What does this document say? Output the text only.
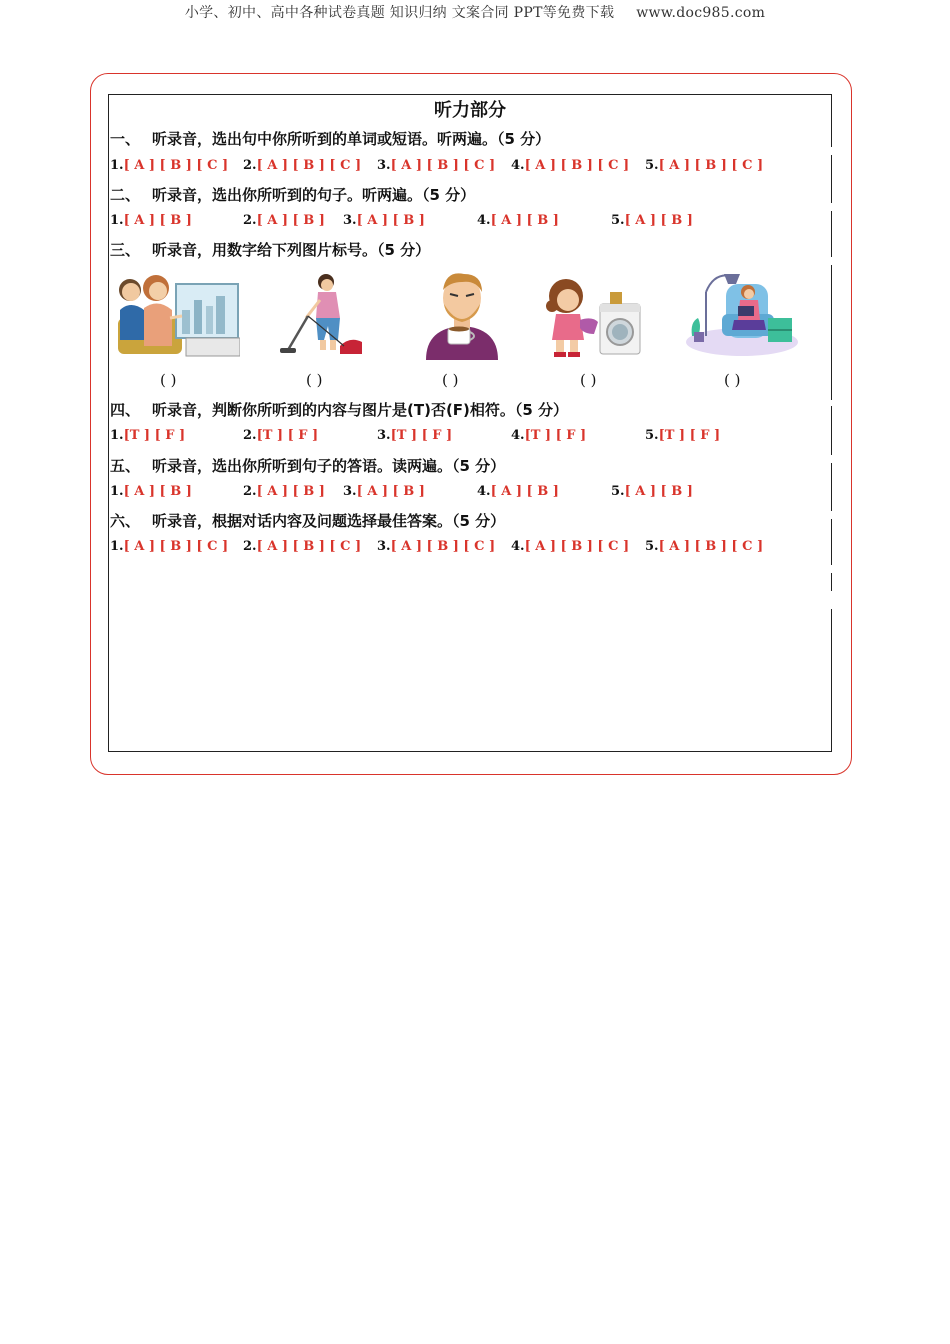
小学、初中、高中各种试卷真题 知识归纳 文案合同 PPT等免费下载 www.doc985.com
听力部分
一、 听录音，选出句中你所听到的单词或短语。听两遍。（5 分）
1.[ A ] [ B ] [ C ] 2.[ A ] [ B ] [ C ] 3.[ A ] [ B ] [ C ] 4.[ A ] [ B ] [ C ] 5.[ A ] [ B ] [ C ]
二、 听录音，选出你所听到的句子。听两遍。（5 分）
1.[ A ] [ B ]	2.[ A ] [ B ] 3.[ A ] [ B ]	4.[ A ] [ B ]	5.[ A ] [ B ]
三、 听录音，用数字给下列图片标号。（5 分）
( )	( )	( )	( )	( )
四、 听录音，判断你所听到的内容与图片是(T)否(F)相符。（5 分）
1.[T ] [ F ]	2.[T ] [ F ]	3.[T ] [ F ]	4.[T ] [ F ]	5.[T ] [ F ]
五、 听录音，选出你所听到句子的答语。读两遍。（5 分）
1.[ A ] [ B ]	2.[ A ] [ B ] 3.[ A ] [ B ]	4.[ A ] [ B ]	5.[ A ] [ B ]
六、 听录音，根据对话内容及问题选择最佳答案。（5 分）
1.[ A ] [ B ] [ C ] 2.[ A ] [ B ] [ C ] 3.[ A ] [ B ] [ C ] 4.[ A ] [ B ] [ C ] 5.[ A ] [ B ] [ C ]
